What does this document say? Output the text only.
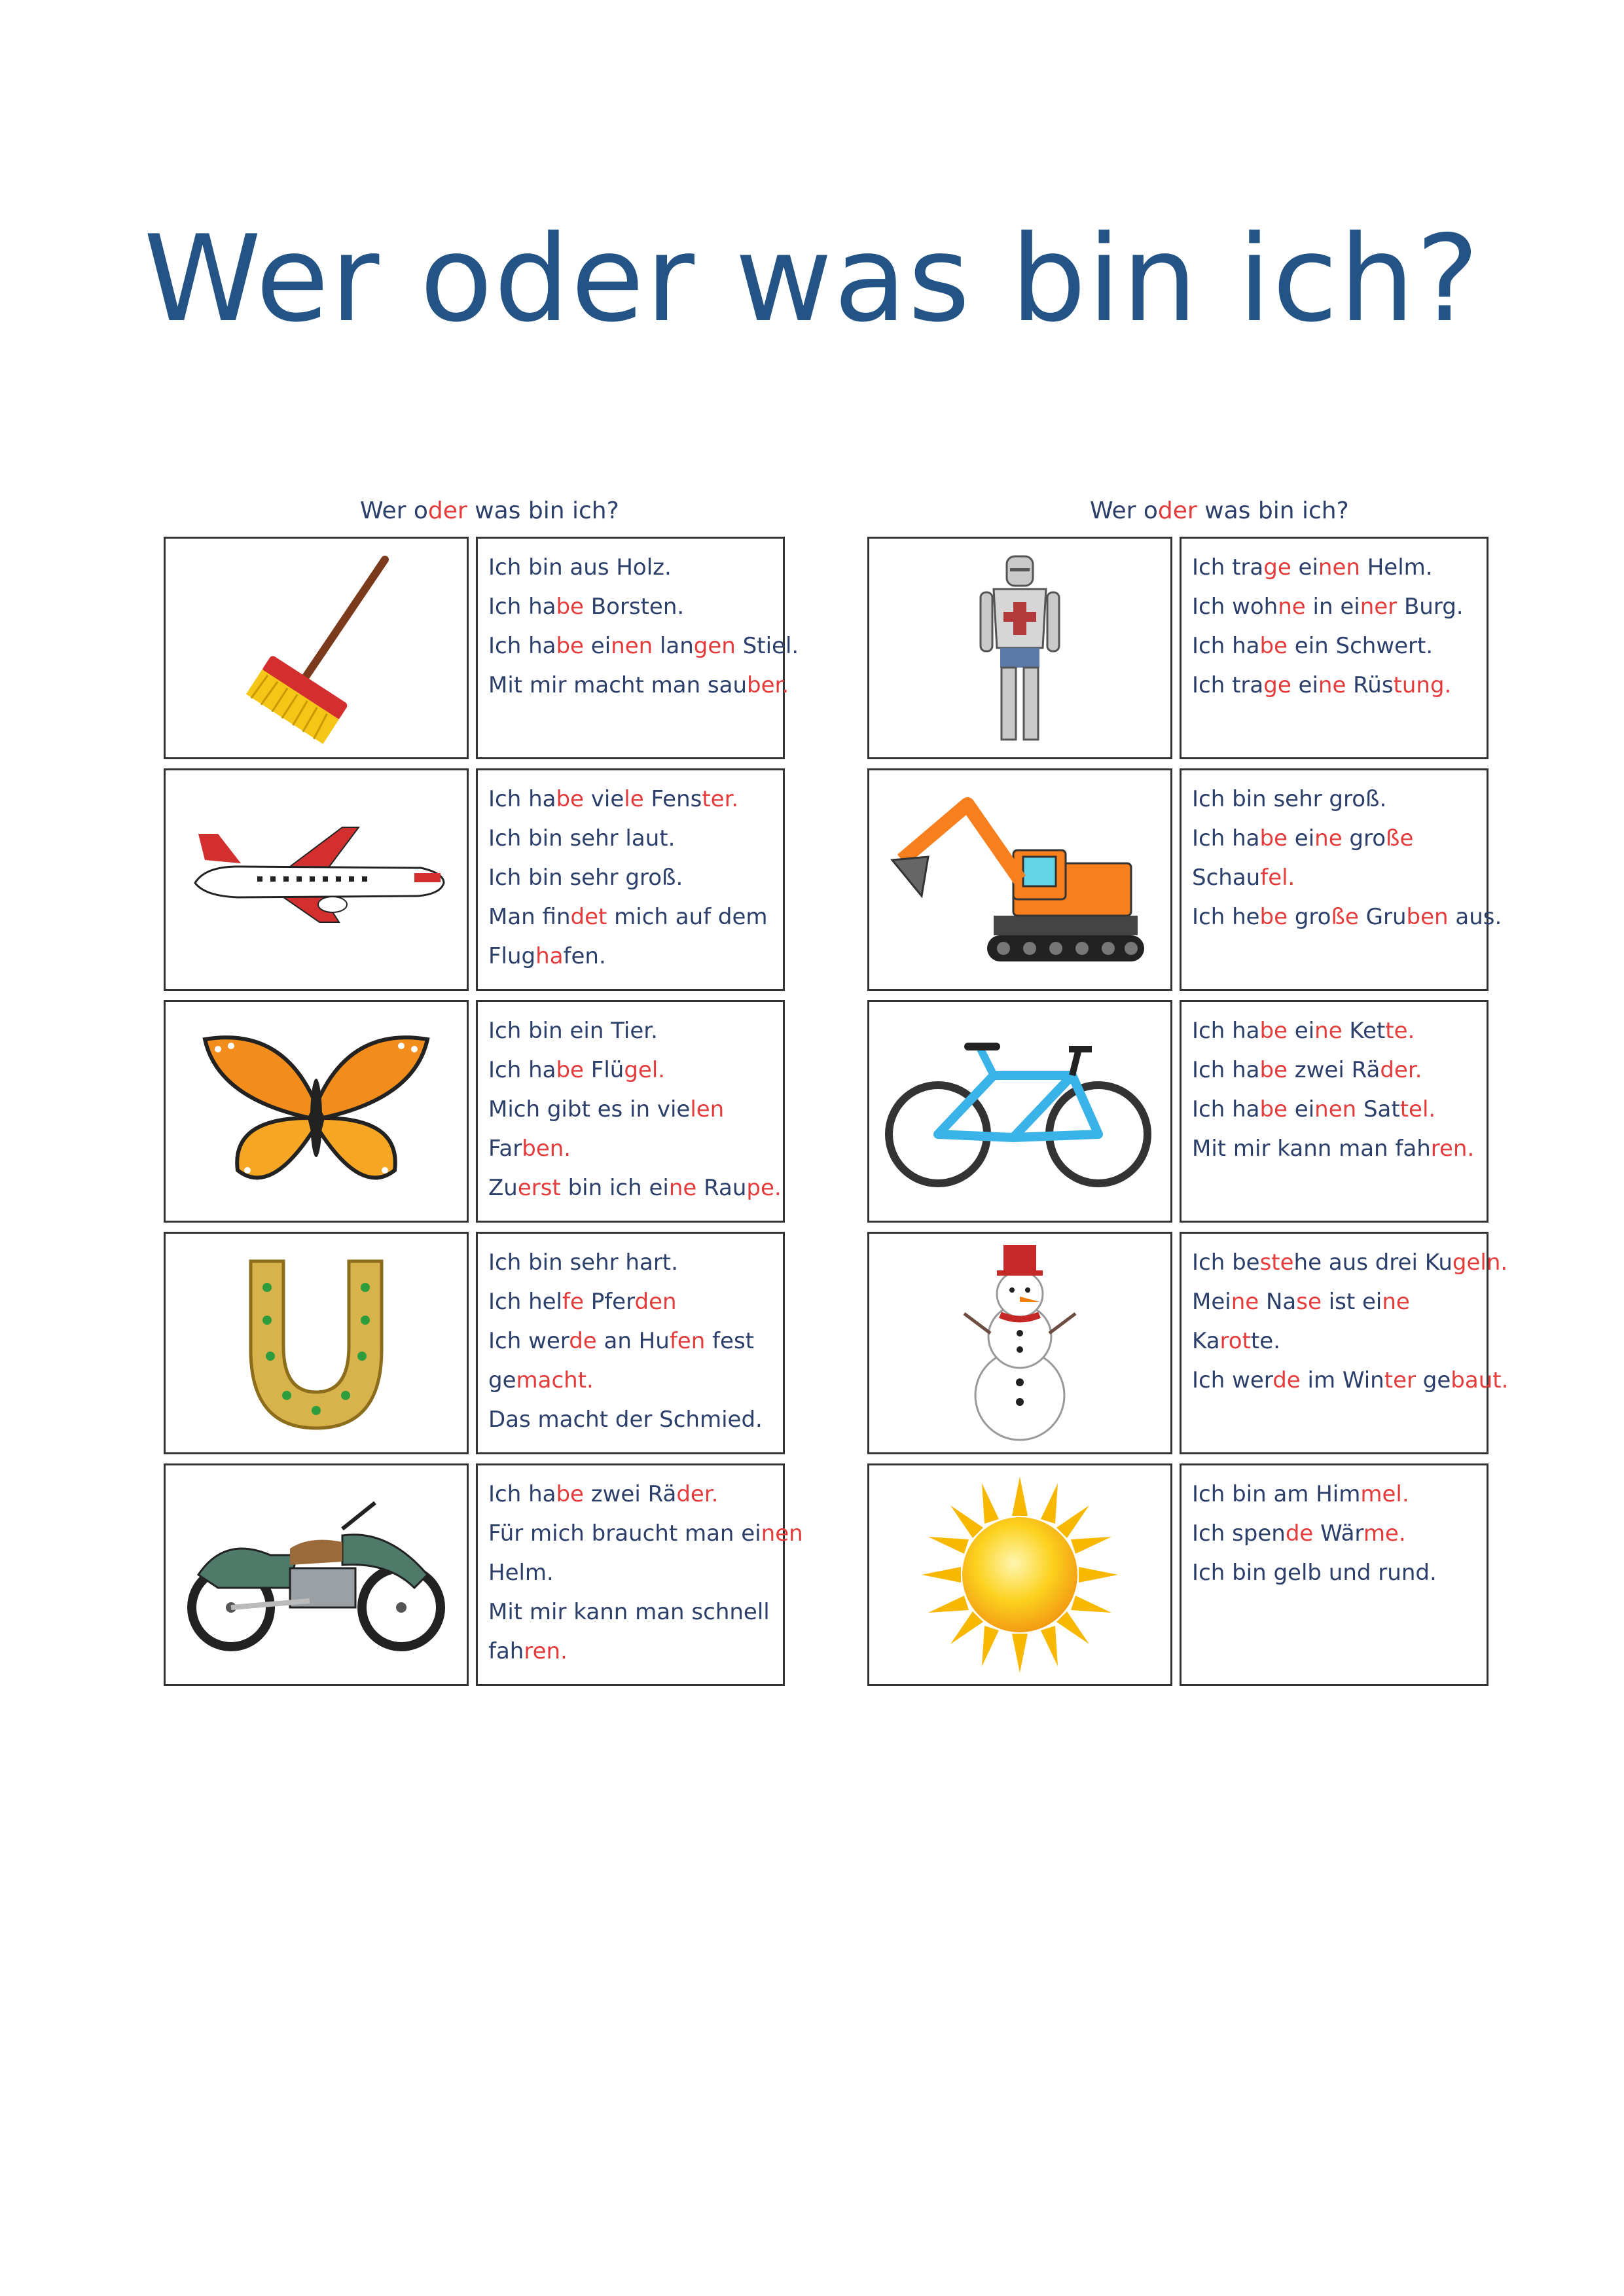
Wer oder was bin ich?
Wer oder was bin ich?
Ich bin aus Holz.
Ich habe Borsten.
Ich habe einen langen Stiel.
Mit mir macht man sauber.
Ich habe viele Fenster.
Ich bin sehr laut.
Ich bin sehr groß.
Man findet mich auf dem
Flughafen.
Ich bin ein Tier.
Ich habe Flügel.
Mich gibt es in vielen
Farben.
Zuerst bin ich eine Raupe.
Ich bin sehr hart.
Ich helfe Pferden
Ich werde an Hufen fest
gemacht.
Das macht der Schmied.
Ich habe zwei Räder.
Für mich braucht man einen
Helm.
Mit mir kann man schnell
fahren.
Wer oder was bin ich?
Ich trage einen Helm.
Ich wohne in einer Burg.
Ich habe ein Schwert.
Ich trage eine Rüstung.
Ich bin sehr groß.
Ich habe eine große
Schaufel.
Ich hebe große Gruben aus.
Ich habe eine Kette.
Ich habe zwei Räder.
Ich habe einen Sattel.
Mit mir kann man fahren.
Ich bestehe aus drei Kugeln.
Meine Nase ist eine
Karotte.
Ich werde im Winter gebaut.
Ich bin am Himmel.
Ich spende Wärme.
Ich bin gelb und rund.
